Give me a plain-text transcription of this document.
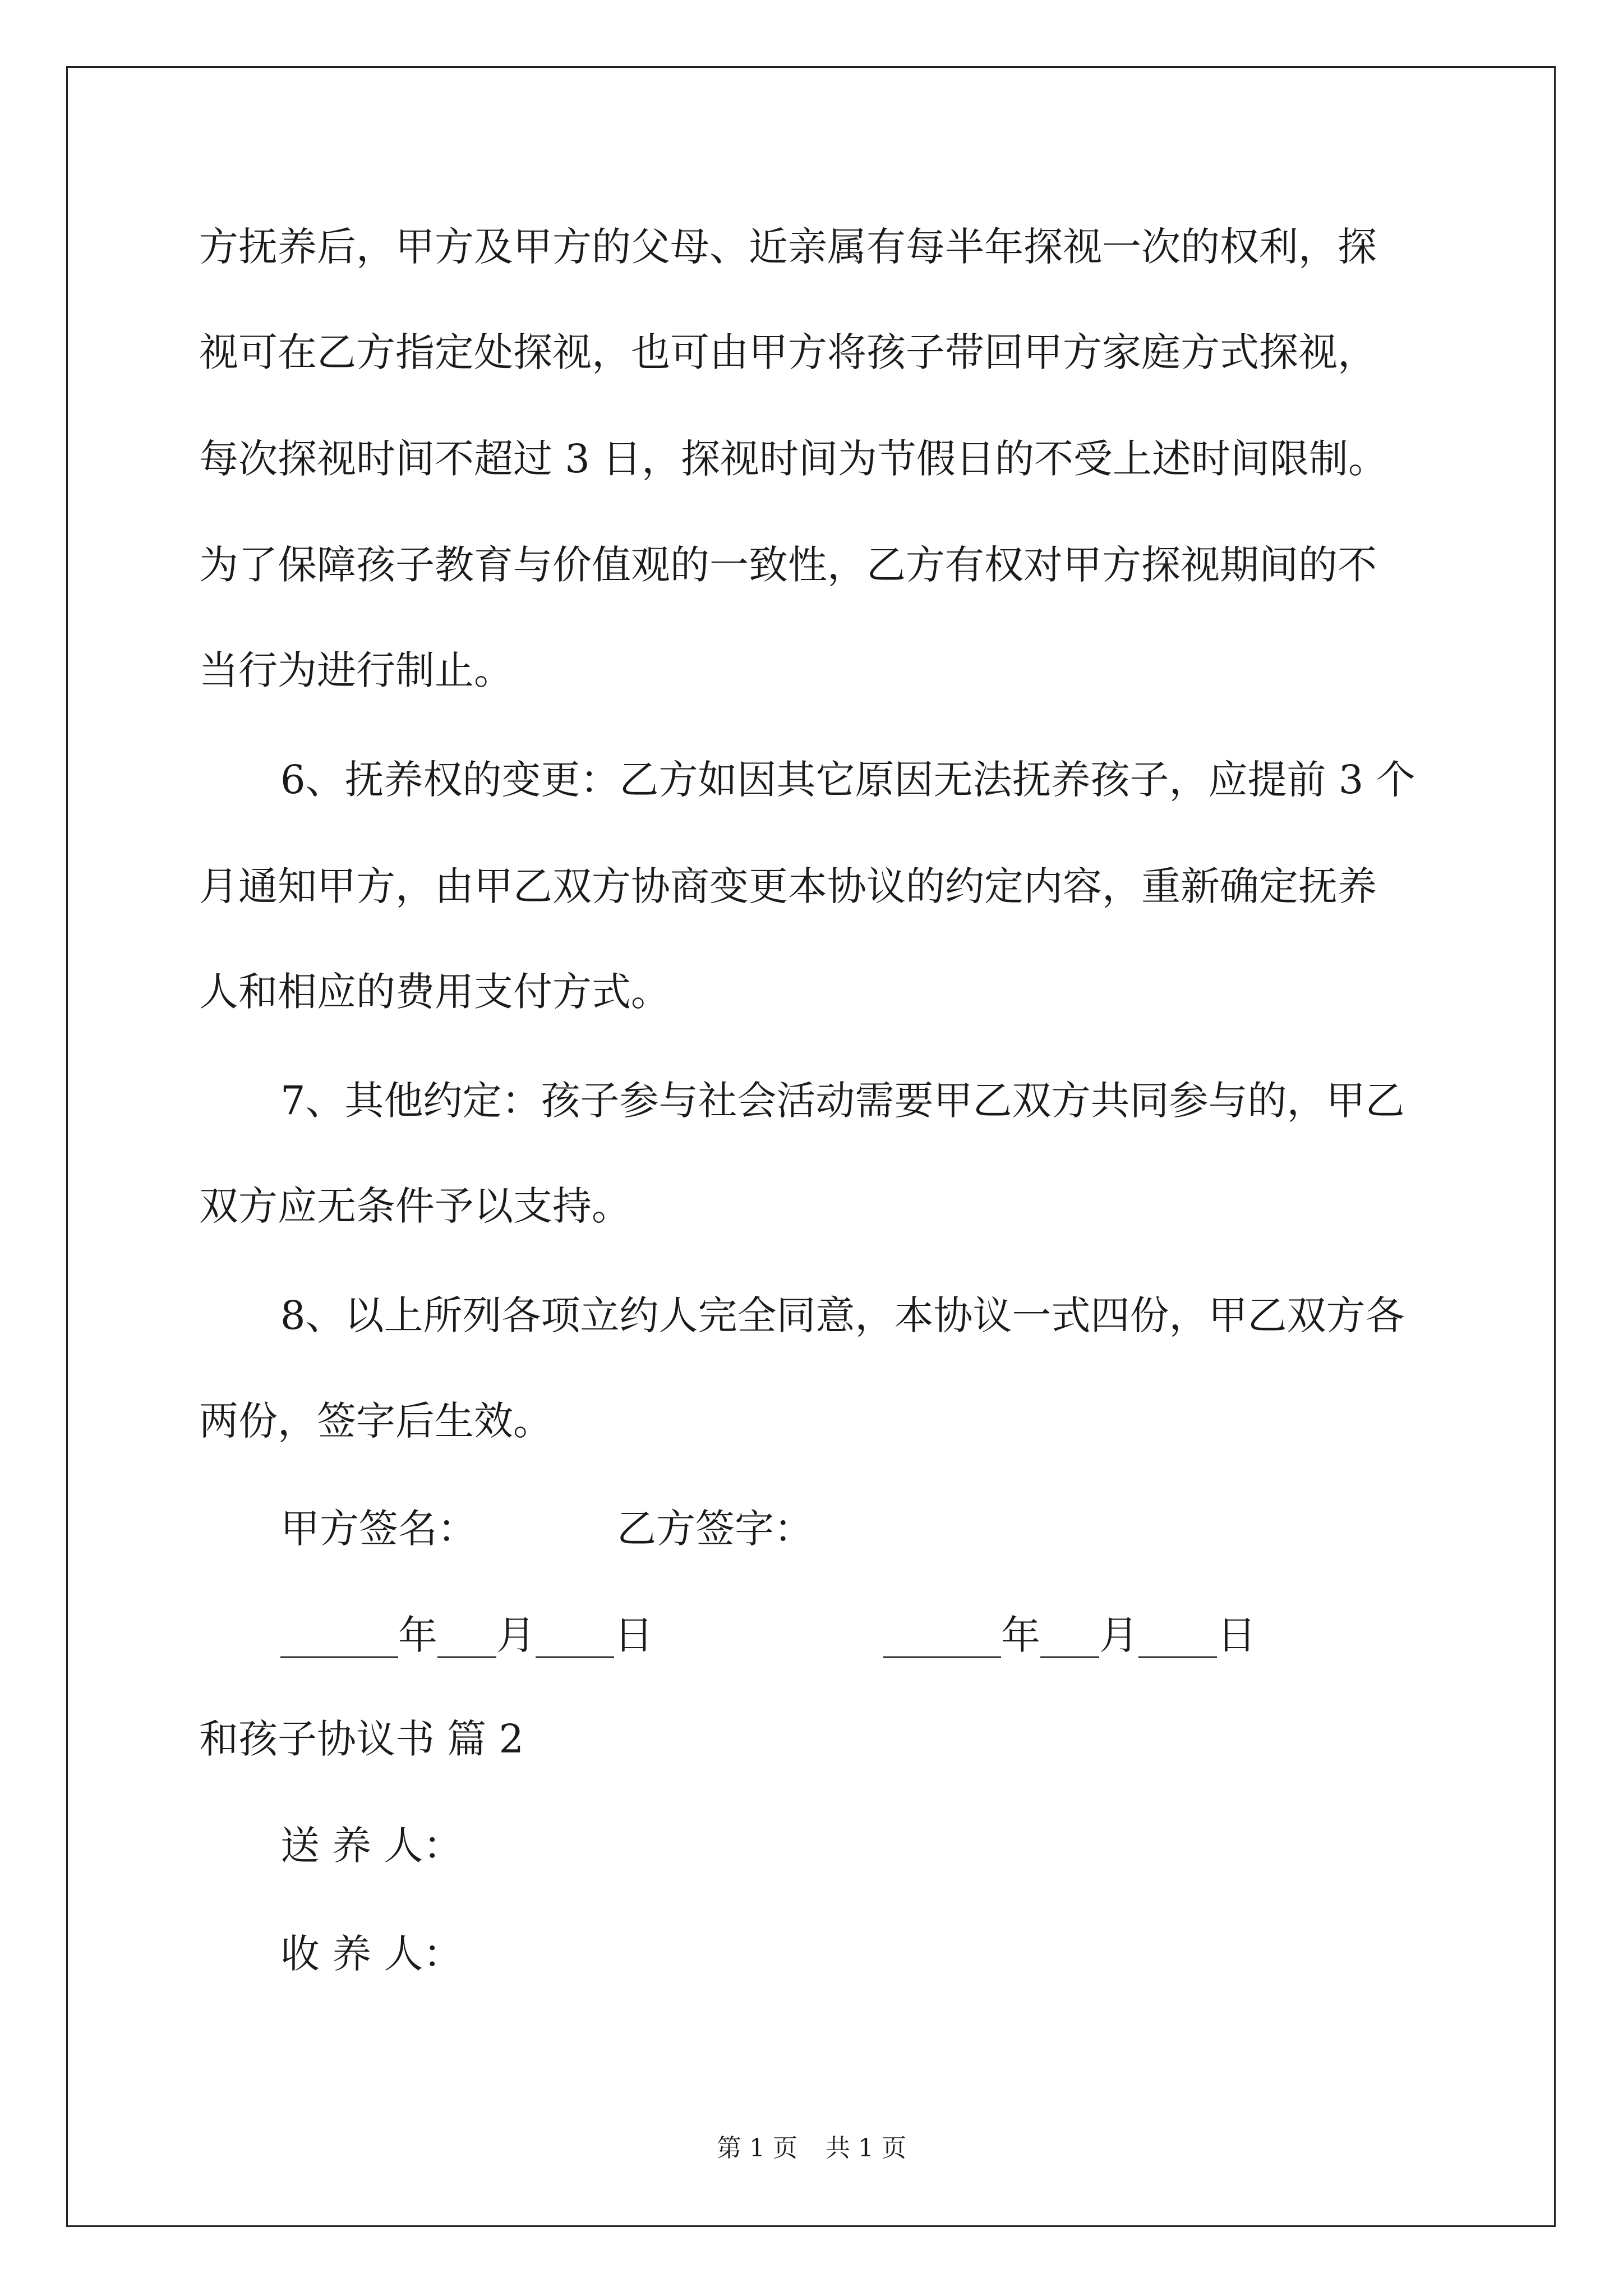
方抚养后，甲方及甲方的父母、近亲属有每半年探视一次的权利，探
视可在乙方指定处探视，也可由甲方将孩子带回甲方家庭方式探视，
每次探视时间不超过 3 日，探视时间为节假日的不受上述时间限制。
为了保障孩子教育与价值观的一致性，乙方有权对甲方探视期间的不
当行为进行制止。
6、抚养权的变更：乙方如因其它原因无法抚养孩子，应提前 3 个
月通知甲方，由甲乙双方协商变更本协议的约定内容，重新确定抚养
人和相应的费用支付方式。
7、其他约定：孩子参与社会活动需要甲乙双方共同参与的，甲乙
双方应无条件予以支持。
8、以上所列各项立约人完全同意，本协议一式四份，甲乙双方各
两份，签字后生效。
甲方签名：	乙方签字：
______年___月____日	______年___月____日
和孩子协议书 篇 2
送 养 人：
收 养 人：
第 1 页 共 1 页
